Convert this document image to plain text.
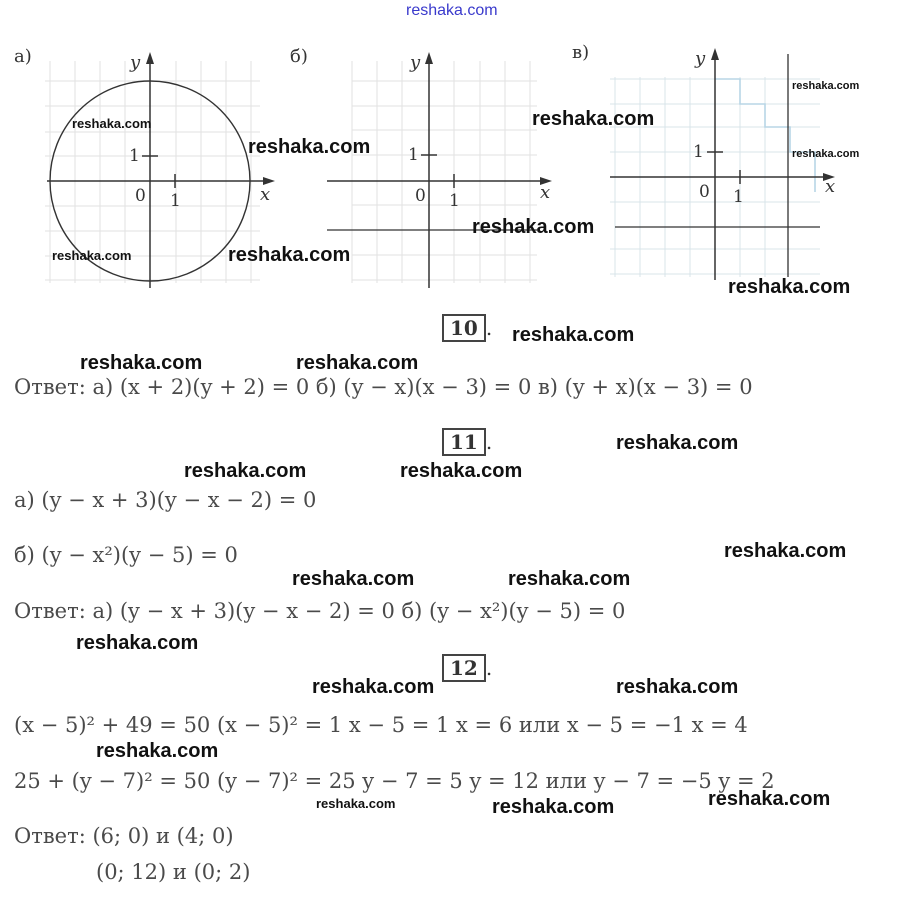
reshaka.com
а)	б)	в)
y
x
0 1
1
y
x
0 1
1
y
x
0 1
1
10 .
Ответ: а) (x + 2)(y + 2) = 0 б) (y − x)(x − 3) = 0 в) (y + x)(x − 3) = 0
11 .
а) (y − x + 3)(y − x − 2) = 0
б) (y − x²)(y − 5) = 0
Ответ: а) (y − x + 3)(y − x − 2) = 0 б) (y − x²)(y − 5) = 0
12 .
(x − 5)² + 49 = 50 (x − 5)² = 1 x − 5 = 1 x = 6 или x − 5 = −1 x = 4
25 + (y − 7)² = 50 (y − 7)² = 25 y − 7 = 5 y = 12 или y − 7 = −5 y = 2
Ответ: (6; 0) и (4; 0)
(0; 12) и (0; 2)
reshaka.com
reshaka.com
reshaka.com	reshaka.com
reshaka.com
reshaka.com
reshaka.com
reshaka.com
reshaka.com
reshaka.com
reshaka.com	reshaka.com
reshaka.com
reshaka.com	reshaka.com
reshaka.com
reshaka.com	reshaka.com
reshaka.com
reshaka.com	reshaka.com
reshaka.com
reshaka.com	reshaka.com	reshaka.com
